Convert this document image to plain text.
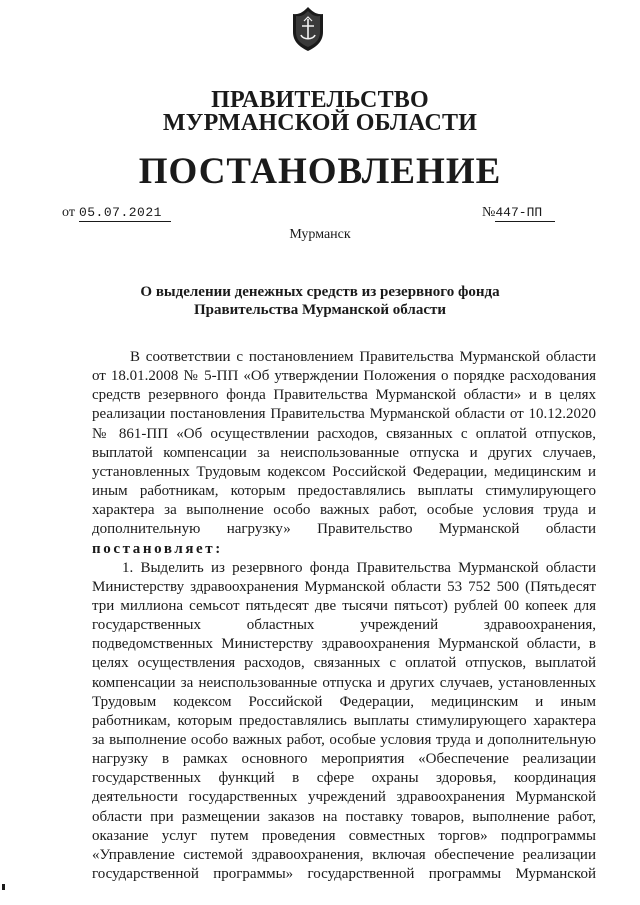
ПРАВИТЕЛЬСТВО
МУРМАНСКОЙ ОБЛАСТИ
ПОСТАНОВЛЕНИЕ
от 05.07.2021	№447-ПП
Мурманск
О выделении денежных средств из резервного фонда
Правительства Мурманской области
В соответствии с постановлением Правительства Мурманской области
от 18.01.2008 № 5-ПП «Об утверждении Положения о порядке расходования
средств резервного фонда Правительства Мурманской области» и в целях
реализации постановления Правительства Мурманской области от 10.12.2020
№ 861-ПП «Об осуществлении расходов, связанных с оплатой отпусков,
выплатой компенсации за неиспользованные отпуска и других случаев,
установленных Трудовым кодексом Российской Федерации, медицинским и
иным работникам, которым предоставлялись выплаты стимулирующего
характера за выполнение особо важных работ, особые условия труда и
дополнительную нагрузку» Правительство Мурманской области
постановляет:
1. Выделить из резервного фонда Правительства Мурманской области
Министерству здравоохранения Мурманской области 53 752 500 (Пятьдесят
три миллиона семьсот пятьдесят две тысячи пятьсот) рублей 00 копеек для
государственных областных учреждений здравоохранения,
подведомственных Министерству здравоохранения Мурманской области, в
целях осуществления расходов, связанных с оплатой отпусков, выплатой
компенсации за неиспользованные отпуска и других случаев, установленных
Трудовым кодексом Российской Федерации, медицинским и иным
работникам, которым предоставлялись выплаты стимулирующего характера
за выполнение особо важных работ, особые условия труда и дополнительную
нагрузку в рамках основного мероприятия «Обеспечение реализации
государственных функций в сфере охраны здоровья, координация
деятельности государственных учреждений здравоохранения Мурманской
области при размещении заказов на поставку товаров, выполнение работ,
оказание услуг путем проведения совместных торгов» подпрограммы
«Управление системой здравоохранения, включая обеспечение реализации
государственной программы» государственной программы Мурманской
